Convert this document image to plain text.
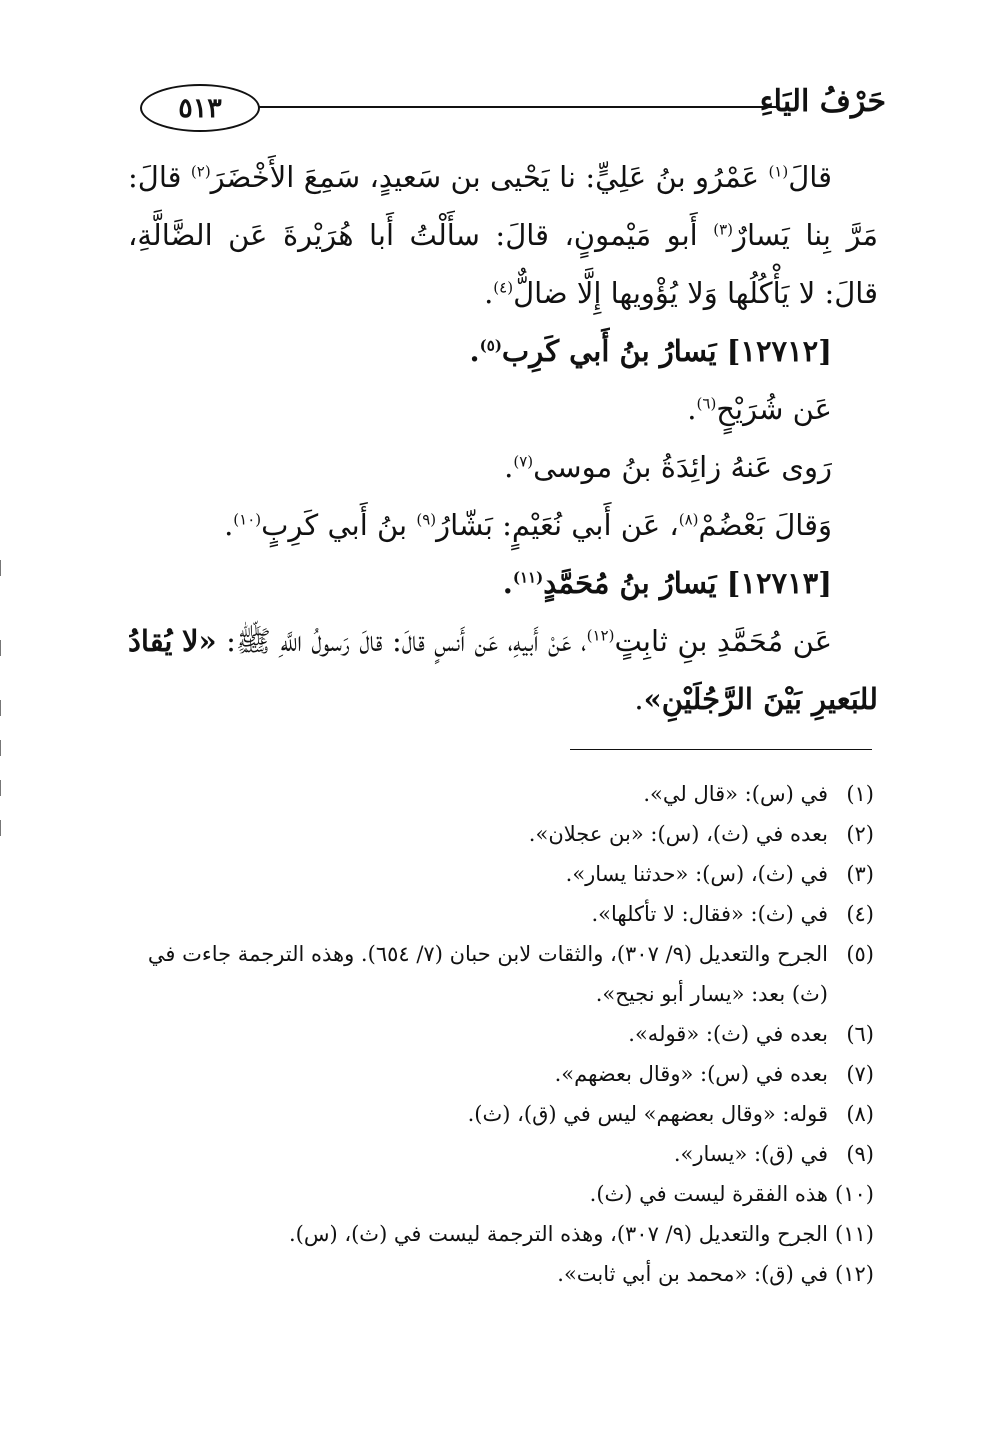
٥١٣	حَرْفُ اليَاءِ

قالَ$^{(١)}$ عَمْرُو بنُ عَلِيٍّ: نا يَحْيى بن سَعيدٍ، سَمِعَ الأَخْضَرَ$^{(٢)}$ قالَ: مَرَّ بِنا يَسارٌ$^{(٣)}$ أَبو مَيْمونٍ، قالَ: سأَلْتُ أَبا هُرَيْرةَ عَن الضَّالَّةِ، قالَ: لا يَأْكُلُها وَلا يُؤْويها إِلَّا ضالٌّ$^{(٤)}$.

[١٢٧١٢] يَسارُ بنُ أَبي كَرِب$^{(٥)}$.

عَن شُرَيْحٍ$^{(٦)}$.

رَوى عَنهُ زائِدَةُ بنُ موسى$^{(٧)}$.

وَقالَ بَعْضُمْ$^{(٨)}$، عَن أَبي نُعَيْمٍ: بَشّارُ$^{(٩)}$ بنُ أَبي كَرِبٍ$^{(١٠)}$.

[١٢٧١٣] يَسارُ بنُ مُحَمَّدٍ$^{(١١)}$.

عَن مُحَمَّدِ بنِ ثابِتٍ$^{(١٢)}$، عَنْ أَبيهِ، عَن أَنسٍ قالَ: قالَ رَسولُ اللَّهِ ﷺ: «لا يُقادُ للبَعيرِ بَيْنَ الرَّجُلَيْنِ».

(١)
في (س): «قال لي».
(٢)
بعده في (ث)، (س): «بن عجلان».
(٣)
في (ث)، (س): «حدثنا يسار».
(٤)
في (ث): «فقال: لا تأكلها».
(٥)
الجرح والتعديل (٩/ ٣٠٧)، والثقات لابن حبان (٧/ ٦٥٤). وهذه الترجمة جاءت في
(ث) بعد: «يسار أبو نجيح».
(٦)
بعده في (ث): «قوله».
(٧)
بعده في (س): «وقال بعضهم».
(٨)
قوله: «وقال بعضهم» ليس في (ق)، (ث).
(٩)
في (ق): «يسار».
(١٠)
هذه الفقرة ليست في (ث).
(١١)
الجرح والتعديل (٩/ ٣٠٧)، وهذه الترجمة ليست في (ث)، (س).
(١٢)
في (ق): «محمد بن أبي ثابت».
